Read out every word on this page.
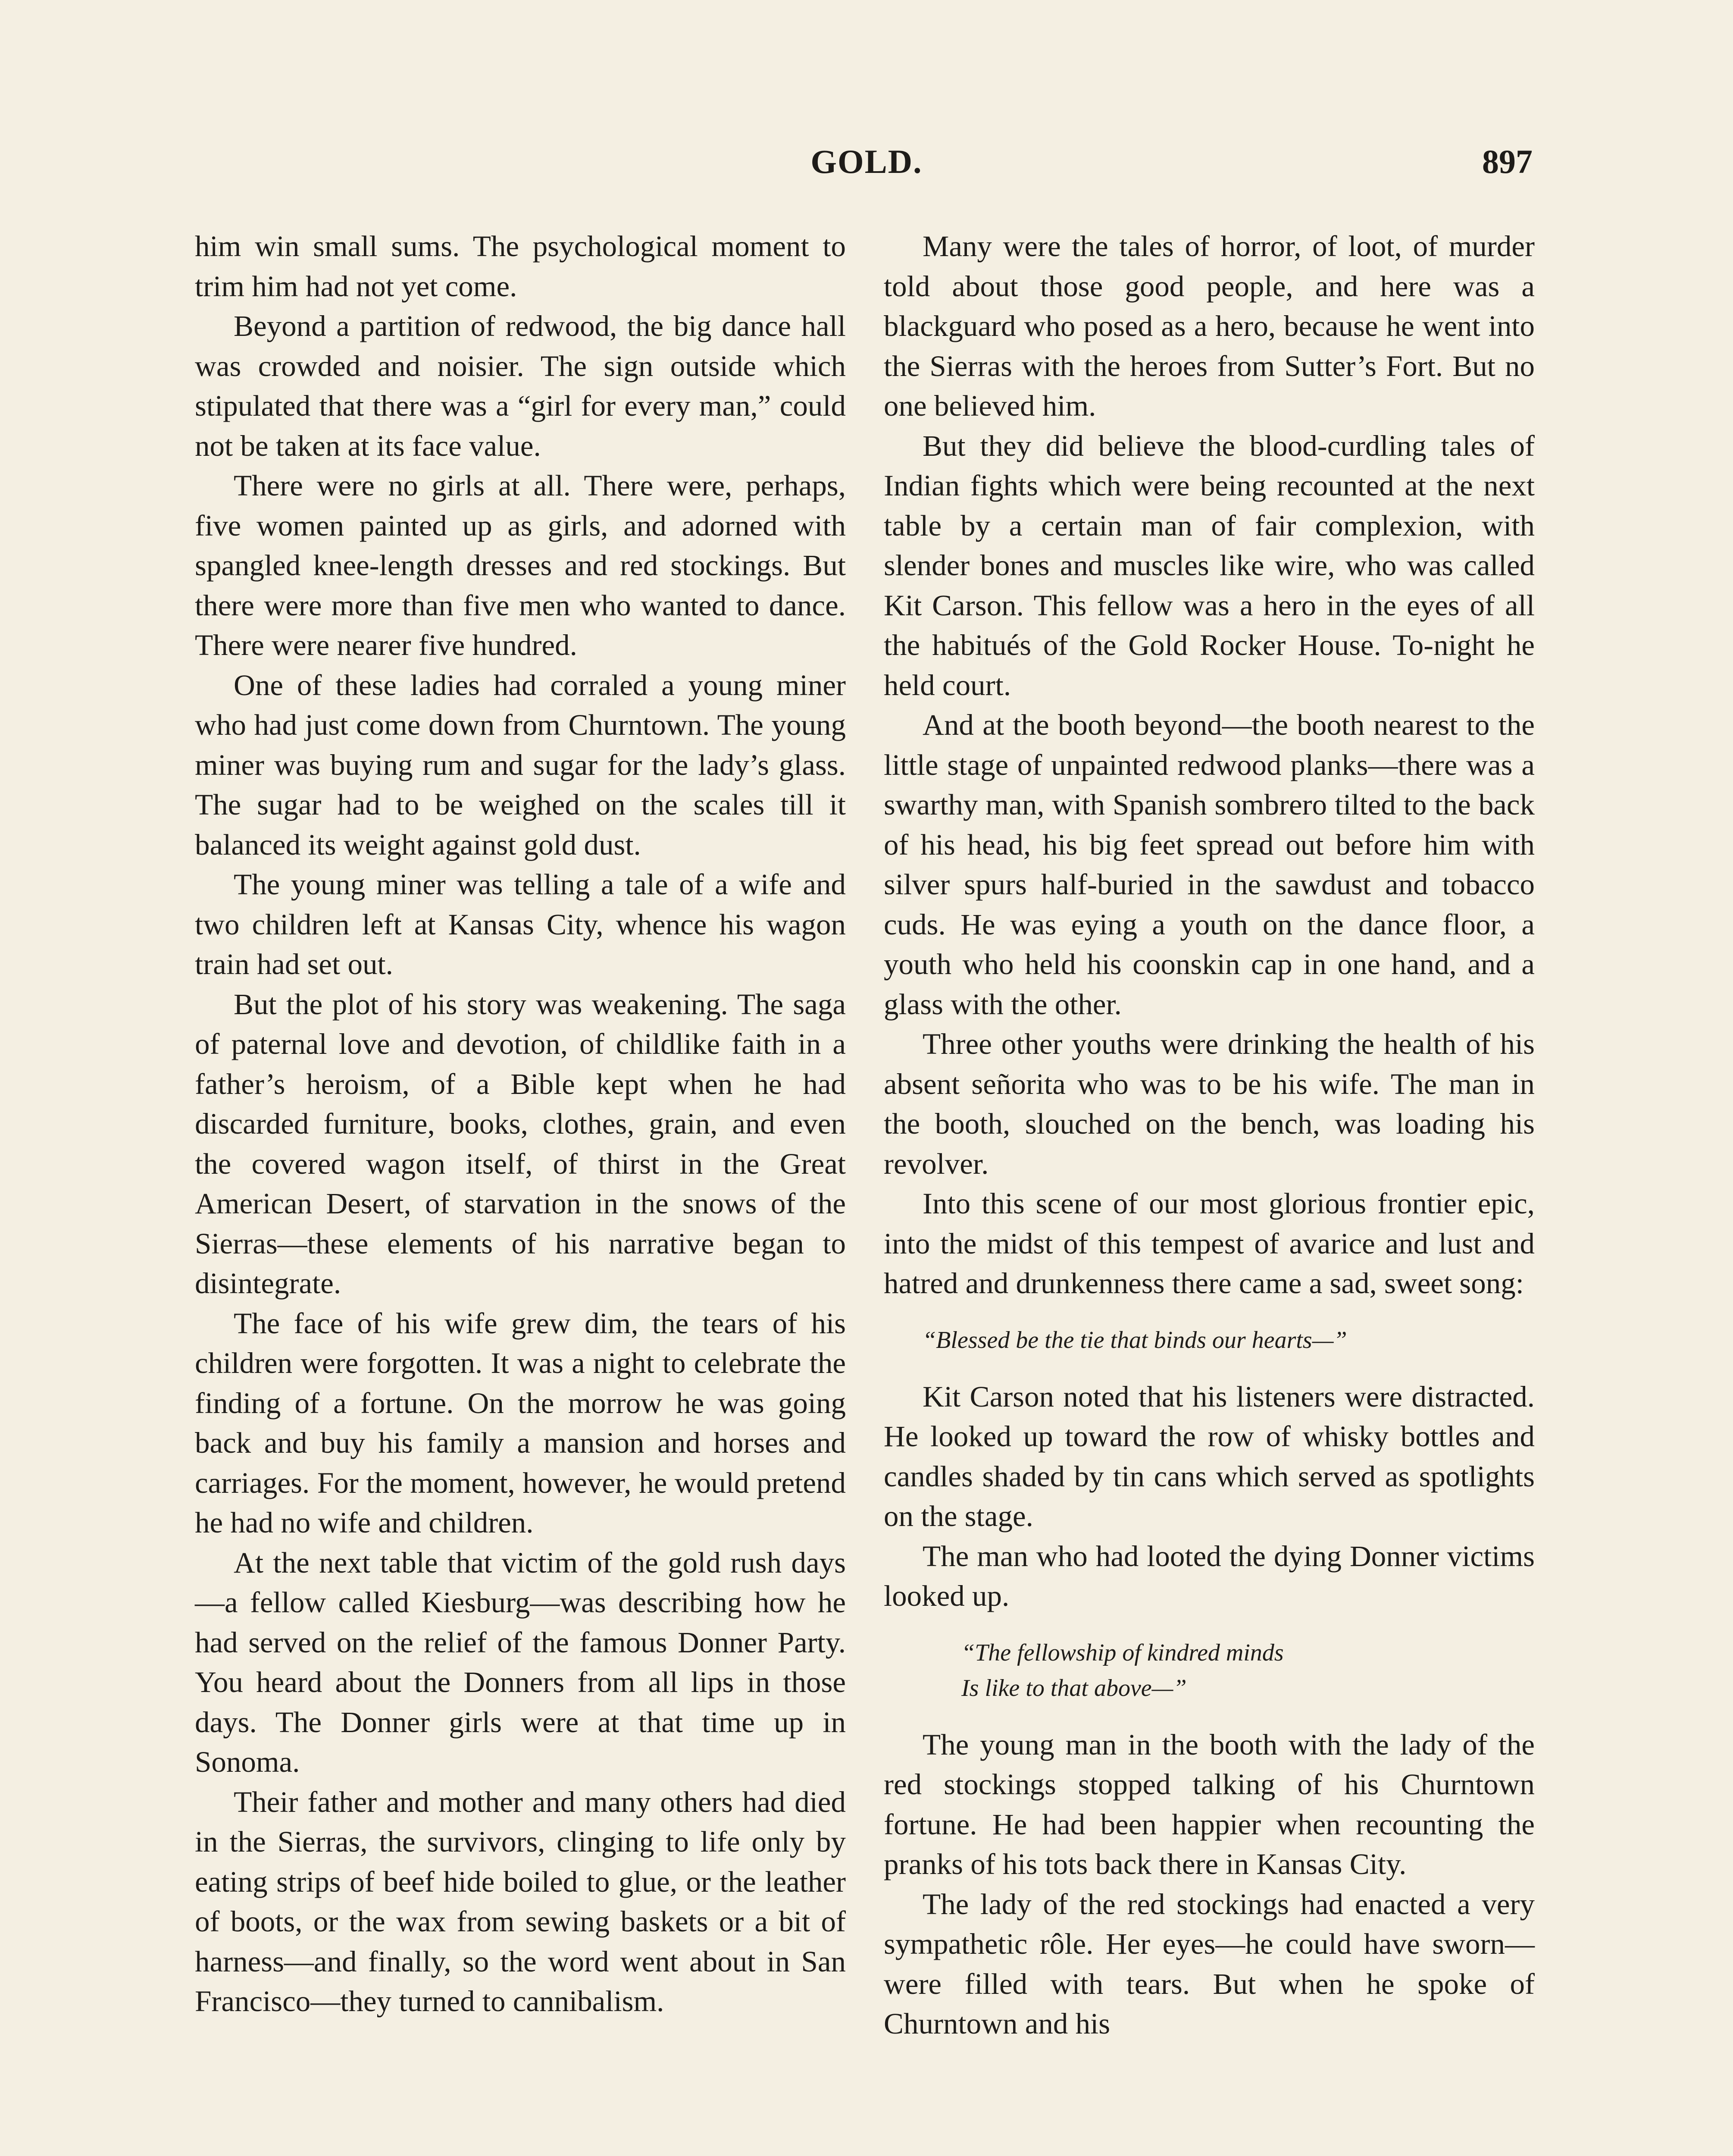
GOLD.	897

him win small sums. The psychological moment to trim him had not yet come.

Beyond a partition of redwood, the big dance hall was crowded and noisier. The sign outside which stipulated that there was a “girl for every man,” could not be taken at its face value.

There were no girls at all. There were, perhaps, five women painted up as girls, and adorned with spangled knee-length dresses and red stockings. But there were more than five men who wanted to dance. There were nearer five hundred.

One of these ladies had corraled a young miner who had just come down from Churntown. The young miner was buying rum and sugar for the lady’s glass. The sugar had to be weighed on the scales till it balanced its weight against gold dust.

The young miner was telling a tale of a wife and two children left at Kansas City, whence his wagon train had set out.

But the plot of his story was weakening. The saga of paternal love and devotion, of childlike faith in a father’s heroism, of a Bible kept when he had discarded furniture, books, clothes, grain, and even the covered wagon itself, of thirst in the Great American Desert, of starvation in the snows of the Sierras—these elements of his narrative began to disintegrate.

The face of his wife grew dim, the tears of his children were forgotten. It was a night to celebrate the finding of a fortune. On the morrow he was going back and buy his family a mansion and horses and carriages. For the moment, however, he would pretend he had no wife and children.

At the next table that victim of the gold rush days—a fellow called Kiesburg—was describing how he had served on the relief of the famous Donner Party. You heard about the Donners from all lips in those days. The Donner girls were at that time up in Sonoma.

Their father and mother and many others had died in the Sierras, the survivors, clinging to life only by eating strips of beef hide boiled to glue, or the leather of boots, or the wax from sewing baskets or a bit of harness—and finally, so the word went about in San Francisco—they turned to cannibalism.

Many were the tales of horror, of loot, of murder told about those good people, and here was a blackguard who posed as a hero, because he went into the Sierras with the heroes from Sutter’s Fort. But no one believed him.

But they did believe the blood-curdling tales of Indian fights which were being recounted at the next table by a certain man of fair complexion, with slender bones and muscles like wire, who was called Kit Carson. This fellow was a hero in the eyes of all the habitués of the Gold Rocker House. To-night he held court.

And at the booth beyond—the booth nearest to the little stage of unpainted redwood planks—there was a swarthy man, with Spanish sombrero tilted to the back of his head, his big feet spread out before him with silver spurs half-buried in the sawdust and tobacco cuds. He was eying a youth on the dance floor, a youth who held his coonskin cap in one hand, and a glass with the other.

Three other youths were drinking the health of his absent señorita who was to be his wife. The man in the booth, slouched on the bench, was loading his revolver.

Into this scene of our most glorious frontier epic, into the midst of this tempest of avarice and lust and hatred and drunkenness there came a sad, sweet song:

“Blessed be the tie that binds our hearts—”

Kit Carson noted that his listeners were distracted. He looked up toward the row of whisky bottles and candles shaded by tin cans which served as spotlights on the stage.

The man who had looted the dying Donner victims looked up.

“The fellowship of kindred minds

Is like to that above—”

The young man in the booth with the lady of the red stockings stopped talking of his Churntown fortune. He had been happier when recounting the pranks of his tots back there in Kansas City.

The lady of the red stockings had enacted a very sympathetic rôle. Her eyes—he could have sworn—were filled with tears. But when he spoke of Churntown and his
